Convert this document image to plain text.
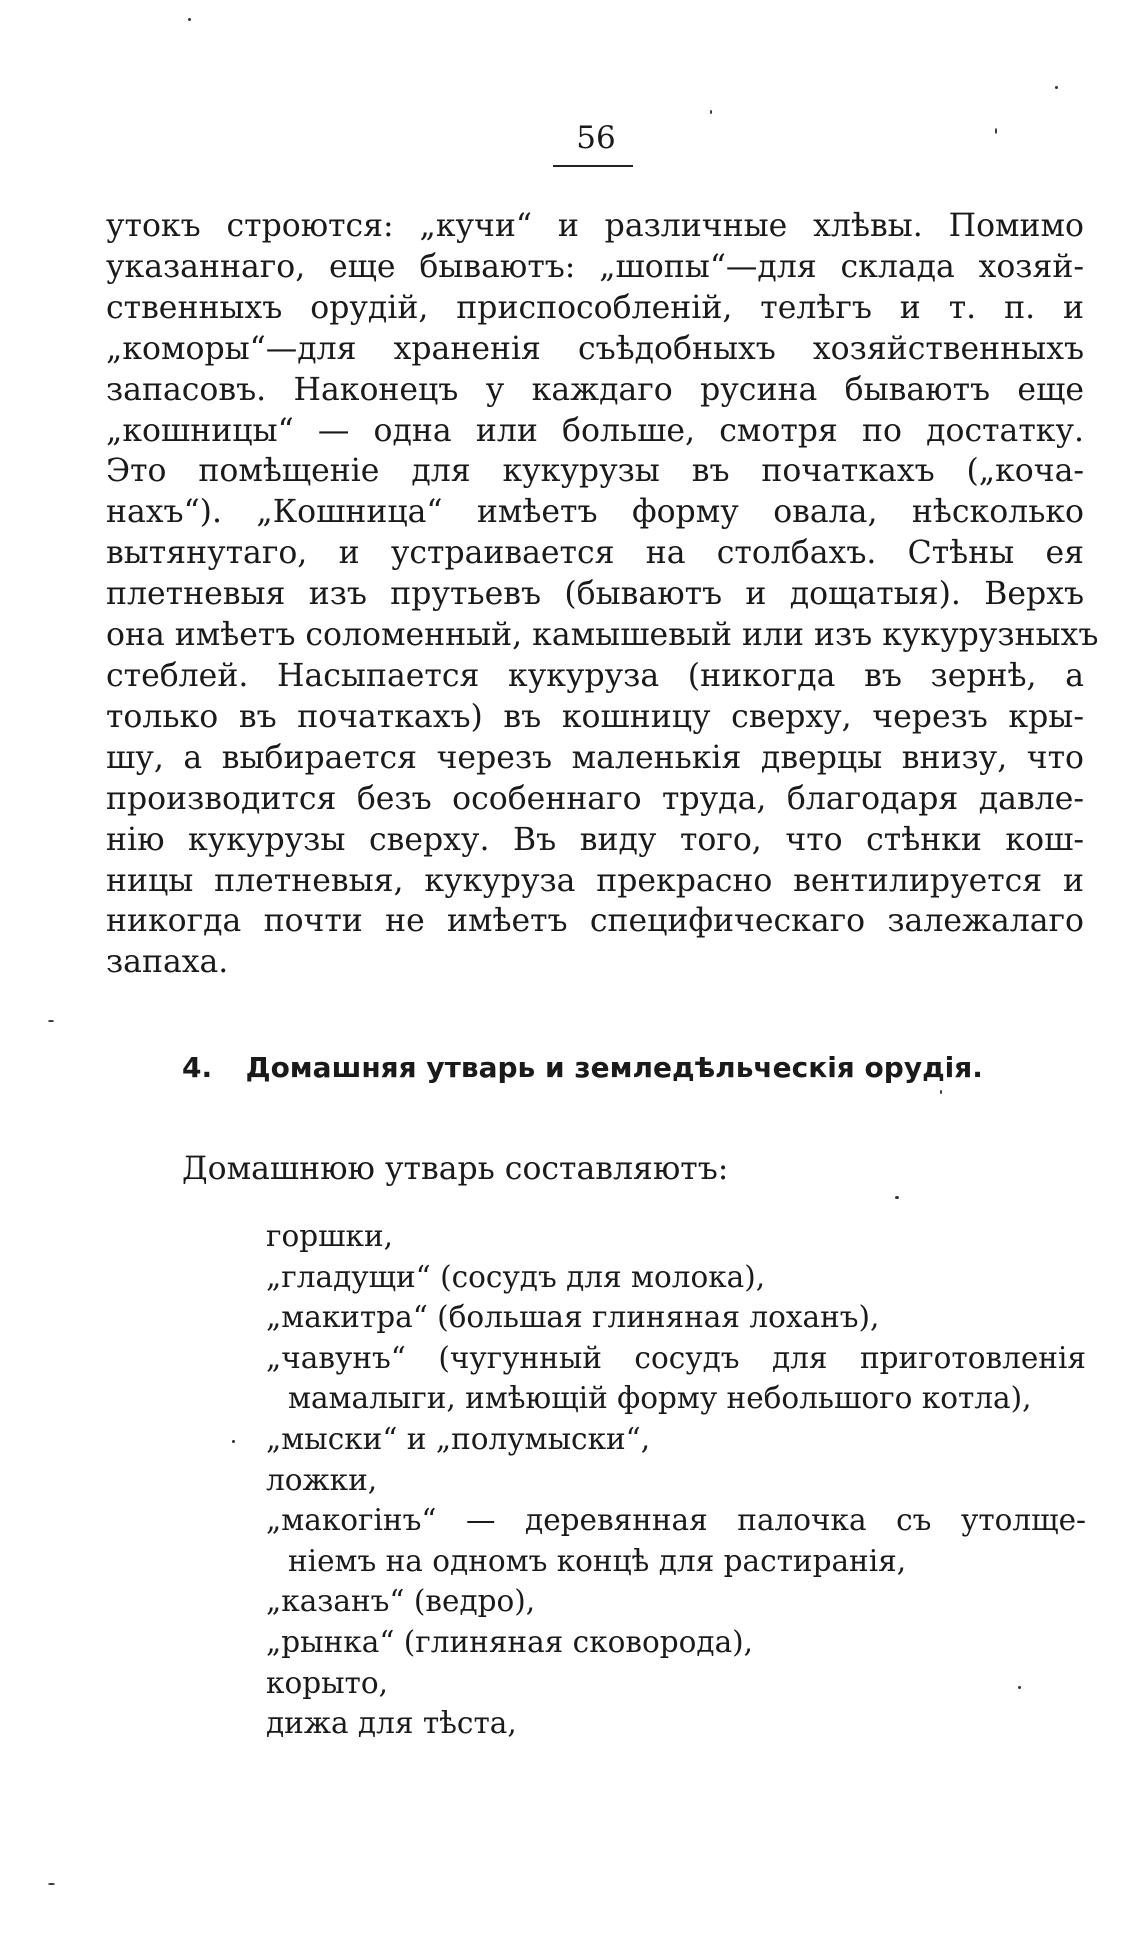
56
утокъ строются: „кучи“ и различные хлѣвы. Помимо
указаннаго, еще бываютъ: „шопы“—для склада хозяй-
ственныхъ орудій, приспособленій, телѣгъ и т. п. и
„коморы“—для храненія съѣдобныхъ хозяйственныхъ
запасовъ. Наконецъ у каждаго русина бываютъ еще
„кошницы“ — одна или больше, смотря по достатку.
Это помѣщеніе для кукурузы въ початкахъ („коча-
нахъ“). „Кошница“ имѣетъ форму овала, нѣсколько
вытянутаго, и устраивается на столбахъ. Стѣны ея
плетневыя изъ прутьевъ (бываютъ и дощатыя). Верхъ
она имѣетъ соломенный, камышевый или изъ кукурузныхъ
стеблей. Насыпается кукуруза (никогда въ зернѣ, а
только въ початкахъ) въ кошницу сверху, черезъ кры-
шу, а выбирается черезъ маленькія дверцы внизу, что
производится безъ особеннаго труда, благодаря давле-
нію кукурузы сверху. Въ виду того, что стѣнки кош-
ницы плетневыя, кукуруза прекрасно вентилируется и
никогда почти не имѣетъ специфическаго залежалаго
запаха.
4. Домашняя утварь и земледѣльческія орудія.
Домашнюю утварь составляютъ:
горшки,
„гладущи“ (сосудъ для молока),
„макитра“ (большая глиняная лоханъ),
„чавунъ“ (чугунный сосудъ для приготовленія
мамалыги, имѣющій форму небольшого котла),
„мыски“ и „полумыски“,
ложки,
„макогінъ“ — деревянная палочка съ утолще-
ніемъ на одномъ концѣ для растиранія,
„казанъ“ (ведро),
„рынка“ (глиняная сковорода),
корыто,
дижа для тѣста,
